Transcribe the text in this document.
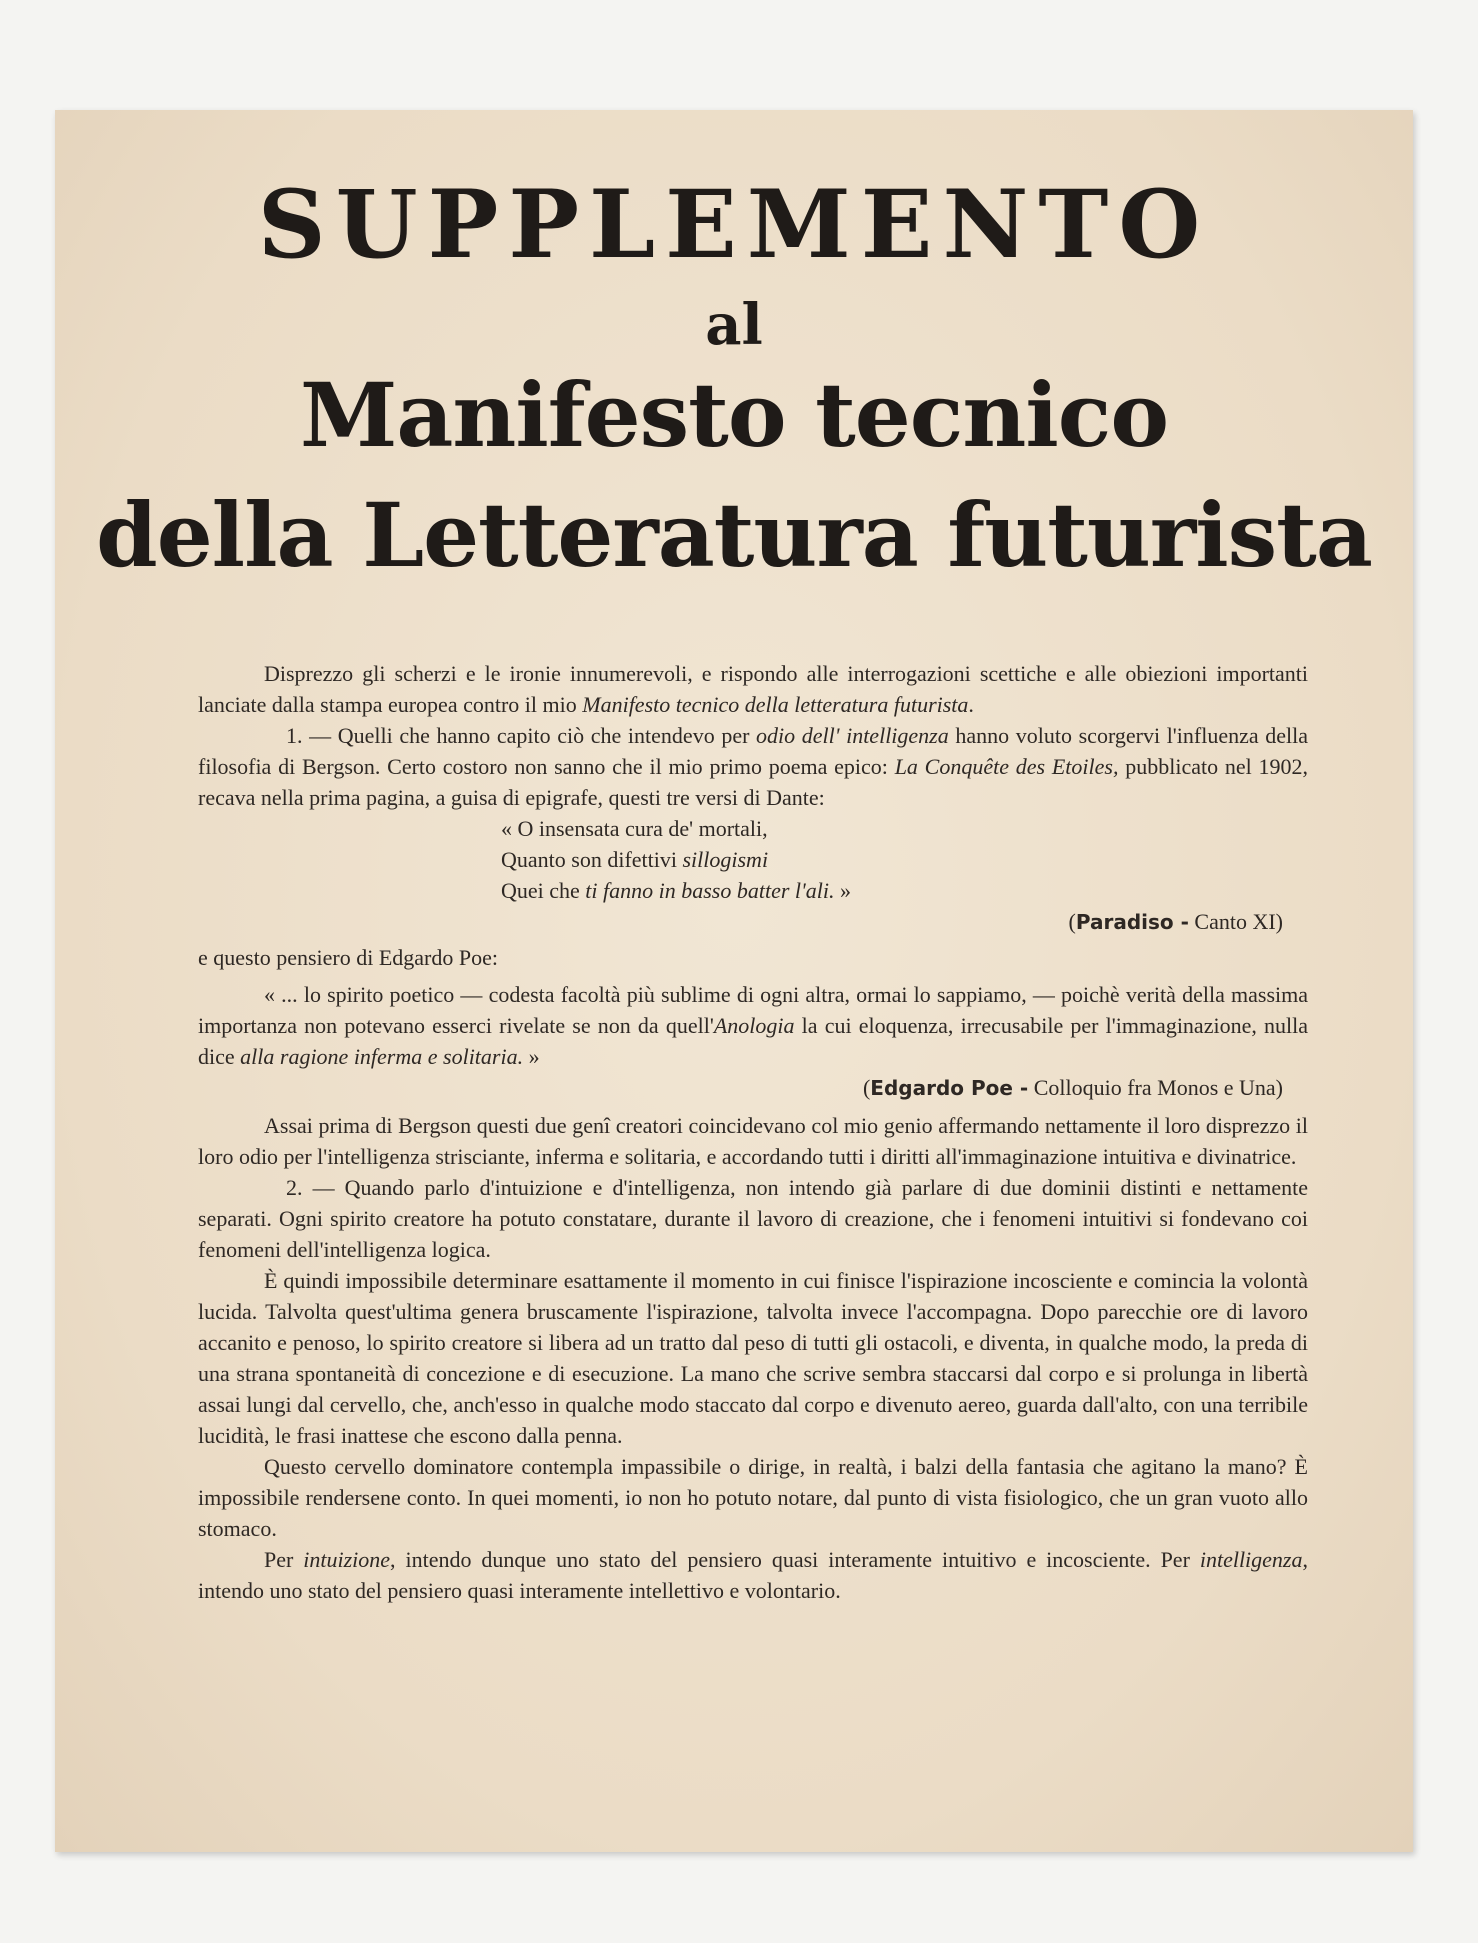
SUPPLEMENTO
al
Manifesto tecnico
della Letteratura futurista

Disprezzo gli scherzi e le ironie innumerevoli, e rispondo alle interrogazioni scettiche e alle obiezioni importanti lanciate dalla stampa europea contro il mio Manifesto tecnico della letteratura futurista.

1. — Quelli che hanno capito ciò che intendevo per odio dell' intelligenza hanno voluto scorgervi l'influenza della filosofia di Bergson. Certo costoro non sanno che il mio primo poema epico: La Conquête des Etoiles, pubblicato nel 1902, recava nella prima pagina, a guisa di epigrafe, questi tre versi di Dante:

« O insensata cura de' mortali,
Quanto son difettivi sillogismi
Quei che ti fanno in basso batter l'ali. »
(Paradiso - Canto XI)

e questo pensiero di Edgardo Poe:

« ... lo spirito poetico — codesta facoltà più sublime di ogni altra, ormai lo sappiamo, — poichè verità della massima importanza non potevano esserci rivelate se non da quell'Anologia la cui eloquenza, irrecusabile per l'immaginazione, nulla dice alla ragione inferma e solitaria. »

(Edgardo Poe - Colloquio fra Monos e Una)

Assai prima di Bergson questi due genî creatori coincidevano col mio genio affermando nettamente il loro disprezzo il loro odio per l'intelligenza strisciante, inferma e solitaria, e accordando tutti i diritti all'immaginazione intuitiva e divinatrice.

2. — Quando parlo d'intuizione e d'intelligenza, non intendo già parlare di due dominii distinti e nettamente separati. Ogni spirito creatore ha potuto constatare, durante il lavoro di creazione, che i fenomeni intuitivi si fondevano coi fenomeni dell'intelligenza logica.

È quindi impossibile determinare esattamente il momento in cui finisce l'ispirazione incosciente e comincia la volontà lucida. Talvolta quest'ultima genera bruscamente l'ispirazione, talvolta invece l'accompagna. Dopo parecchie ore di lavoro accanito e penoso, lo spirito creatore si libera ad un tratto dal peso di tutti gli ostacoli, e diventa, in qualche modo, la preda di una strana spontaneità di concezione e di esecuzione. La mano che scrive sembra staccarsi dal corpo e si prolunga in libertà assai lungi dal cervello, che, anch'esso in qualche modo staccato dal corpo e divenuto aereo, guarda dall'alto, con una terribile lucidità, le frasi inattese che escono dalla penna.

Questo cervello dominatore contempla impassibile o dirige, in realtà, i balzi della fantasia che agitano la mano? È impossibile rendersene conto. In quei momenti, io non ho potuto notare, dal punto di vista fisiologico, che un gran vuoto allo stomaco.

Per intuizione, intendo dunque uno stato del pensiero quasi interamente intuitivo e incosciente. Per intelligenza, intendo uno stato del pensiero quasi interamente intellettivo e volontario.
